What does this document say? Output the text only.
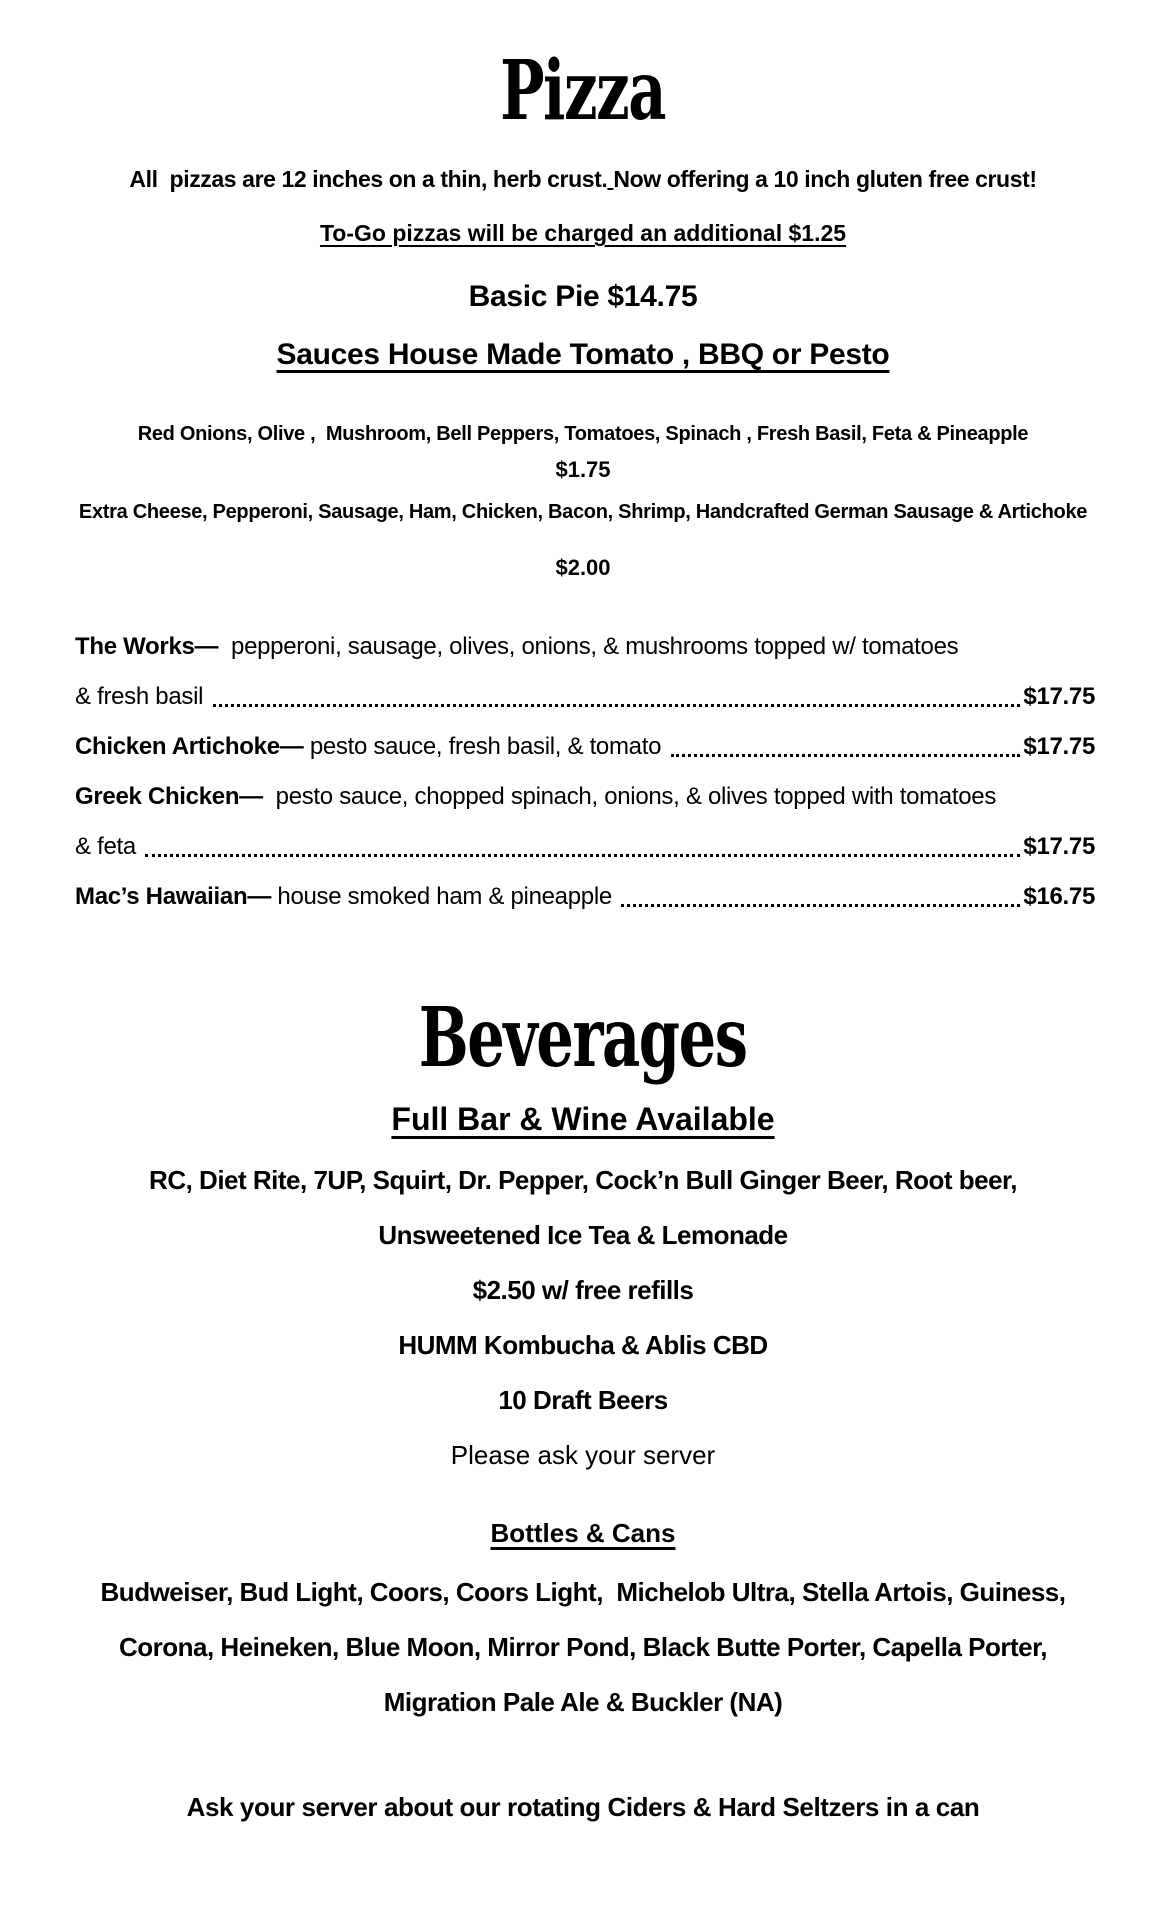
Pizza
All  pizzas are 12 inches on a thin, herb crust. Now offering a 10 inch gluten free crust!
To-Go pizzas will be charged an additional $1.25
Basic Pie $14.75
Sauces House Made Tomato , BBQ or Pesto
Red Onions, Olive ,  Mushroom, Bell Peppers, Tomatoes, Spinach , Fresh Basil, Feta & Pineapple
$1.75
Extra Cheese, Pepperoni, Sausage, Ham, Chicken, Bacon, Shrimp, Handcrafted German Sausage & Artichoke
$2.00
The Works— pepperoni, sausage, olives, onions, & mushrooms topped w/ tomatoes
& fresh basil	$17.75
Chicken Artichoke— pesto sauce, fresh basil, & tomato	$17.75
Greek Chicken— pesto sauce, chopped spinach, onions, & olives topped with tomatoes
& feta	$17.75
Mac’s Hawaiian— house smoked ham & pineapple	$16.75
Beverages
Full Bar & Wine Available
RC, Diet Rite, 7UP, Squirt, Dr. Pepper, Cock’n Bull Ginger Beer, Root beer,
Unsweetened Ice Tea & Lemonade
$2.50 w/ free refills
HUMM Kombucha & Ablis CBD
10 Draft Beers
Please ask your server
Bottles & Cans
Budweiser, Bud Light, Coors, Coors Light,  Michelob Ultra, Stella Artois, Guiness,
Corona, Heineken, Blue Moon, Mirror Pond, Black Butte Porter, Capella Porter,
Migration Pale Ale & Buckler (NA)
Ask your server about our rotating Ciders & Hard Seltzers in a can
